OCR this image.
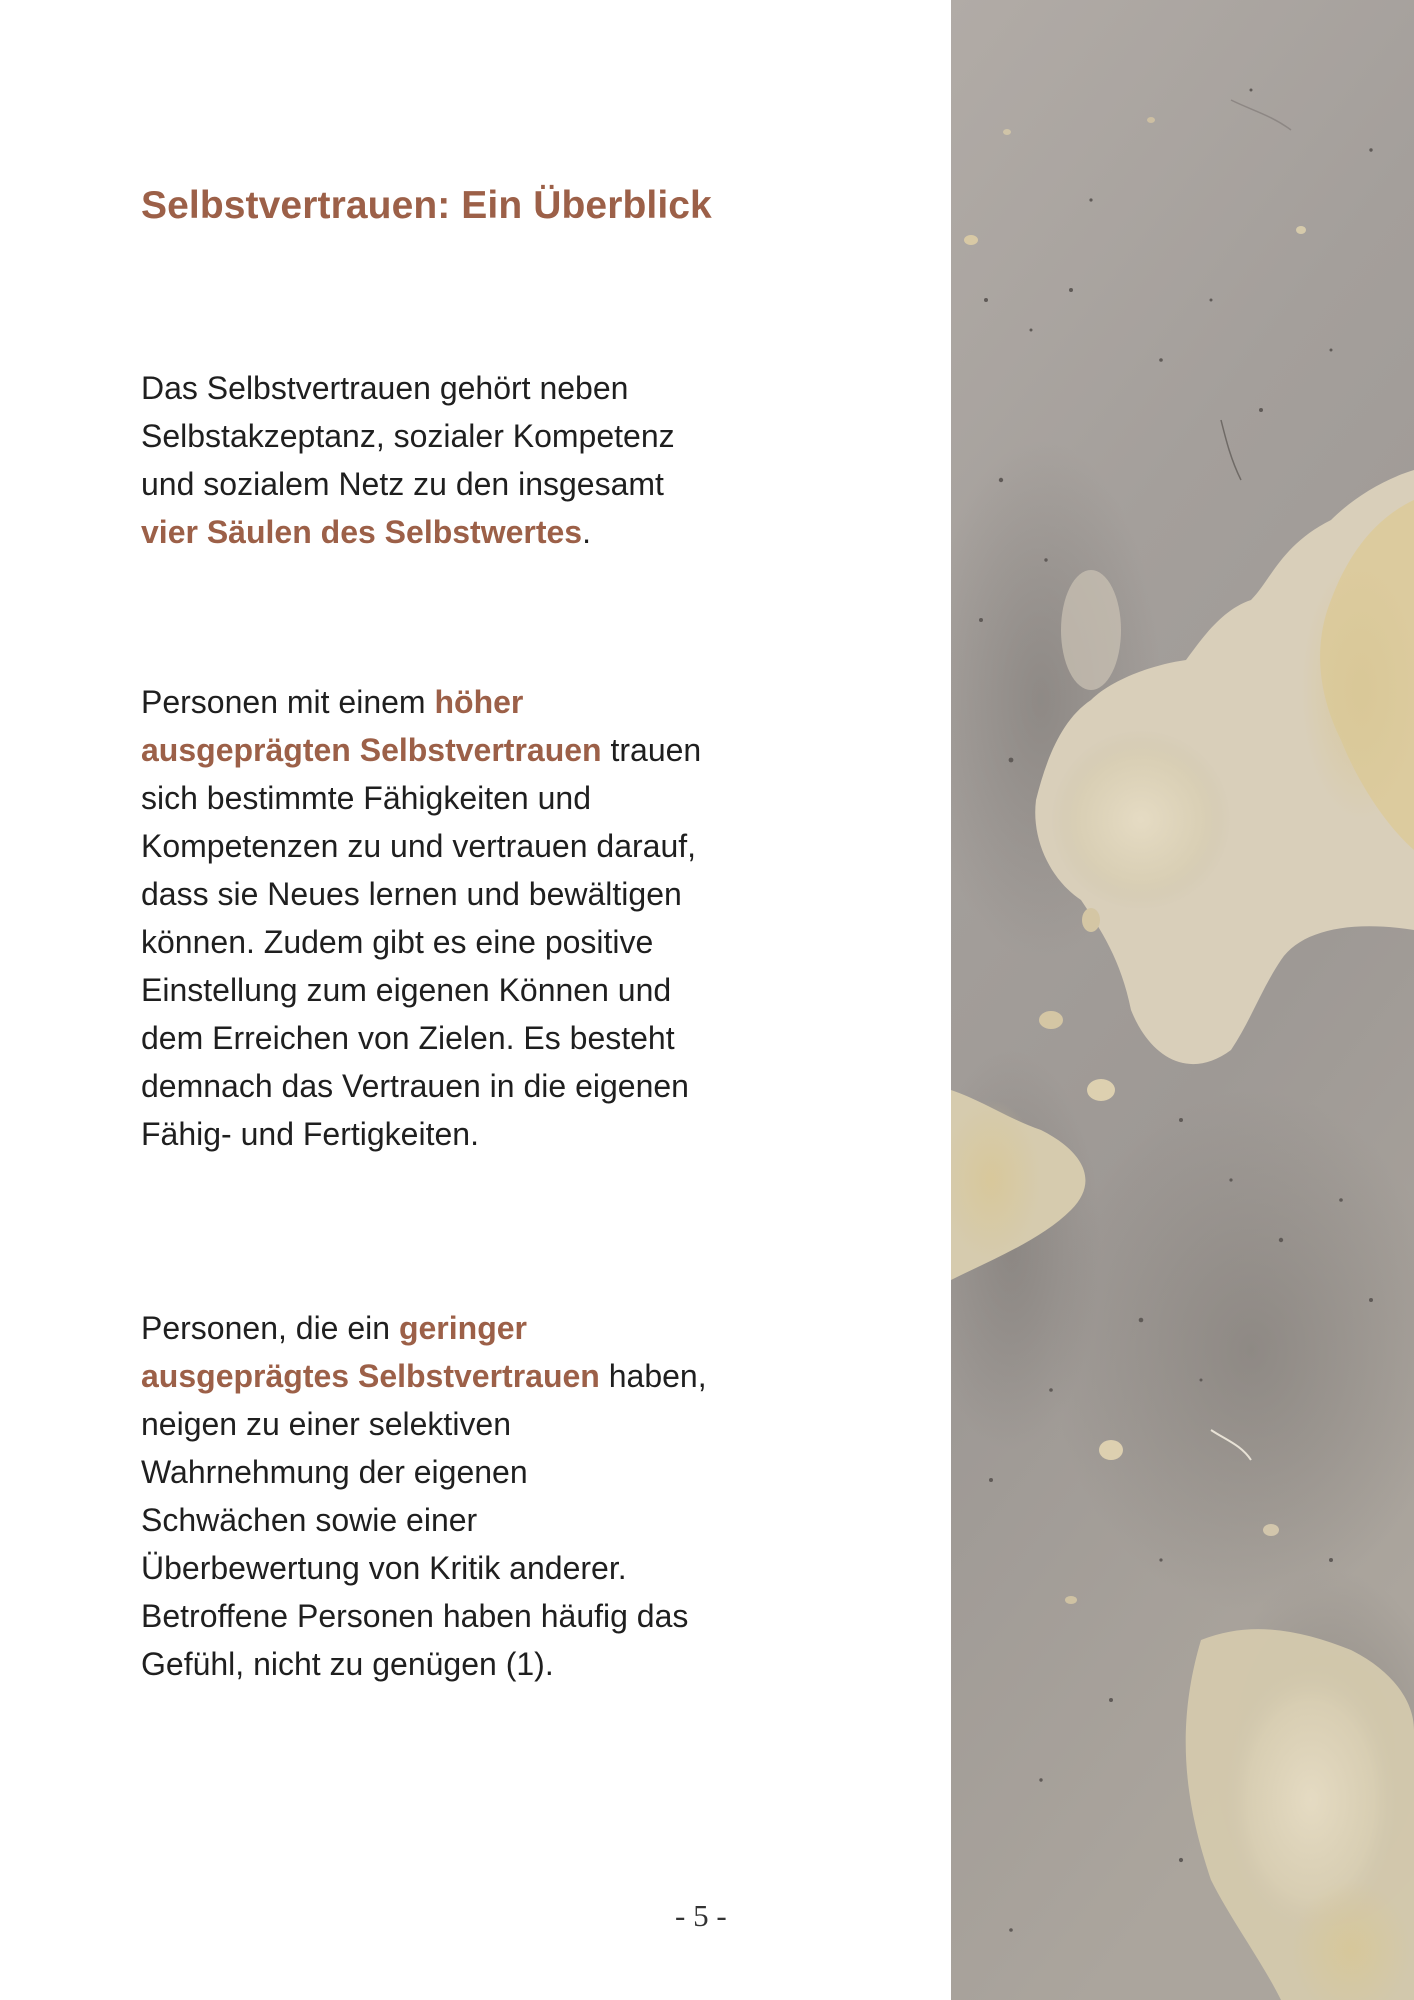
Selbstvertrauen: Ein Überblick

Das Selbstvertrauen gehört neben
Selbstakzeptanz, sozialer Kompetenz
und sozialem Netz zu den insgesamt
vier Säulen des Selbstwertes.

Personen mit einem höher
ausgeprägten Selbstvertrauen trauen
sich bestimmte Fähigkeiten und
Kompetenzen zu und vertrauen darauf,
dass sie Neues lernen und bewältigen
können. Zudem gibt es eine positive
Einstellung zum eigenen Können und
dem Erreichen von Zielen. Es besteht
demnach das Vertrauen in die eigenen
Fähig- und Fertigkeiten.

Personen, die ein geringer
ausgeprägtes Selbstvertrauen haben,
neigen zu einer selektiven
Wahrnehmung der eigenen
Schwächen sowie einer
Überbewertung von Kritik anderer.
Betroffene Personen haben häufig das
Gefühl, nicht zu genügen (1).

- 5 -
